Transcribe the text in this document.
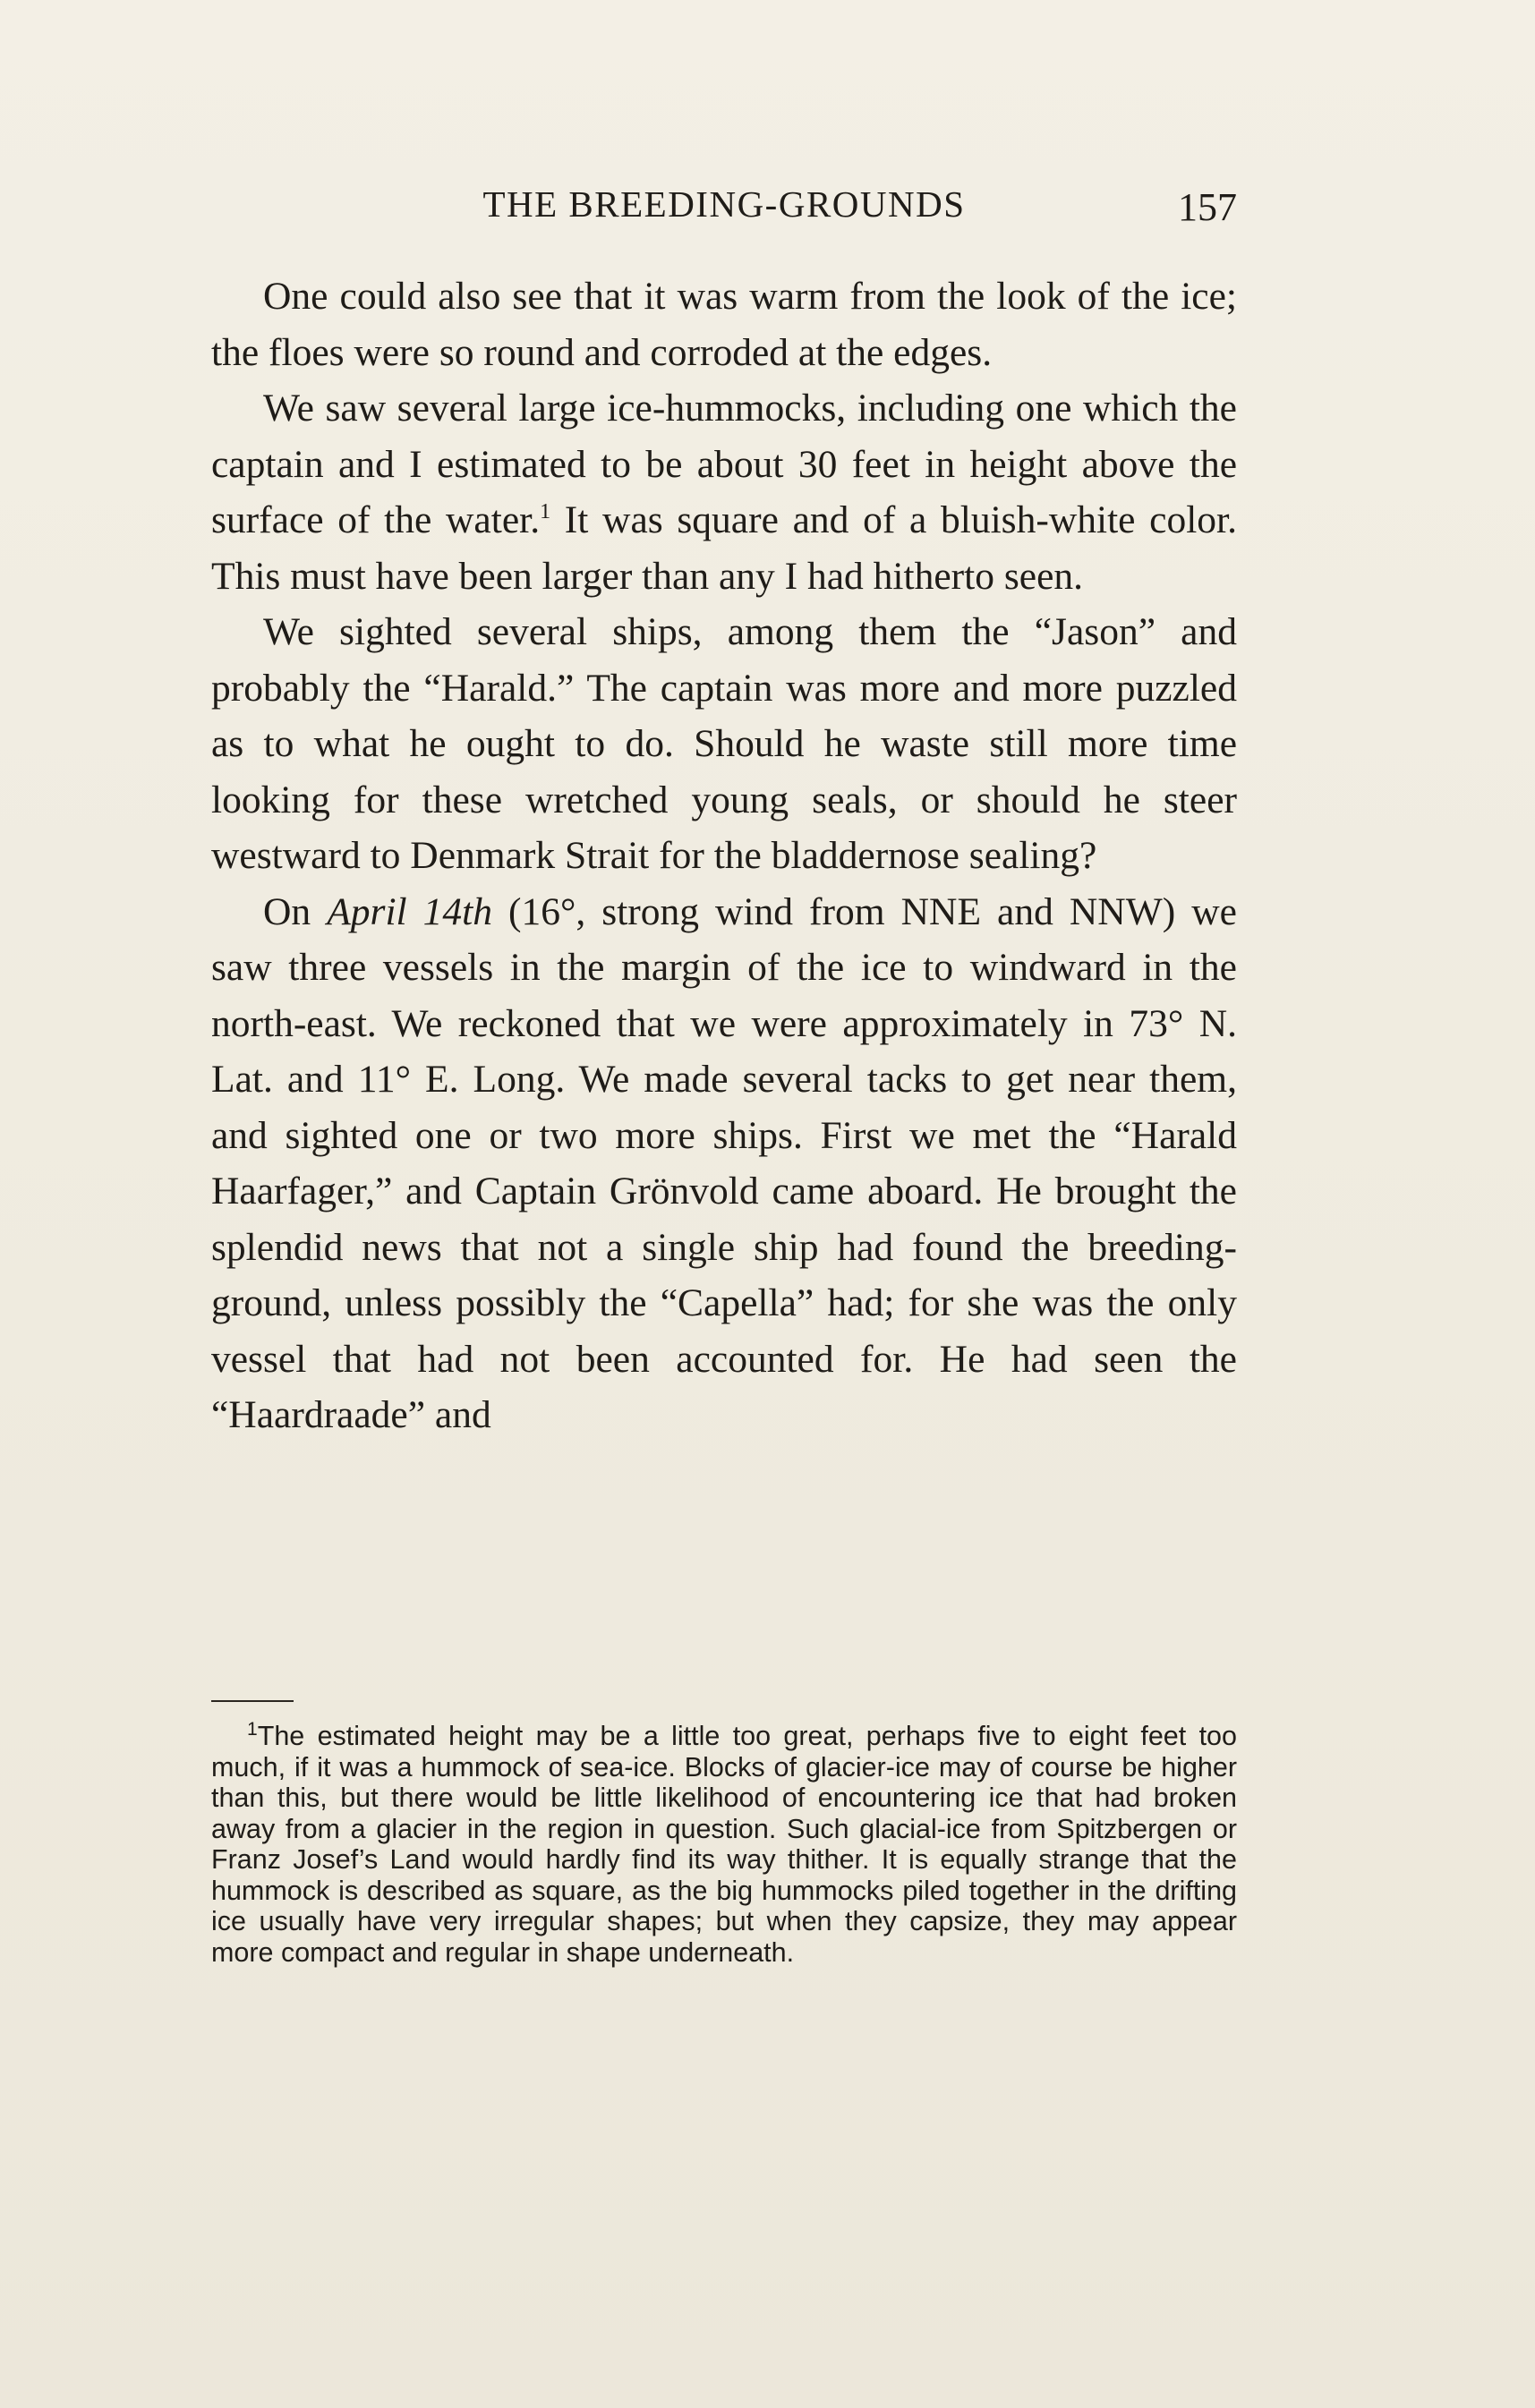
THE BREEDING-GROUNDS	157

One could also see that it was warm from the look of the ice; the floes were so round and corroded at the edges.

We saw several large ice-hummocks, including one which the captain and I estimated to be about 30 feet in height above the surface of the water.$^1$ It was square and of a bluish-white color. This must have been larger than any I had hitherto seen.

We sighted several ships, among them the “Jason” and probably the “Harald.” The captain was more and more puzzled as to what he ought to do. Should he waste still more time looking for these wretched young seals, or should he steer westward to Denmark Strait for the bladdernose sealing?

On April 14th (16°, strong wind from NNE and NNW) we saw three vessels in the margin of the ice to windward in the north-east. We reckoned that we were approximately in 73° N. Lat. and 11° E. Long. We made several tacks to get near them, and sighted one or two more ships. First we met the “Harald Haarfager,” and Captain Grönvold came aboard. He brought the splendid news that not a single ship had found the breeding-ground, unless possibly the “Capella” had; for she was the only vessel that had not been accounted for. He had seen the “Haardraade” and

$^1$The estimated height may be a little too great, perhaps five to eight feet too much, if it was a hummock of sea-ice. Blocks of glacier-ice may of course be higher than this, but there would be little likelihood of encountering ice that had broken away from a glacier in the region in question. Such glacial-ice from Spitzbergen or Franz Josef’s Land would hardly find its way thither. It is equally strange that the hummock is described as square, as the big hummocks piled together in the drifting ice usually have very irregular shapes; but when they capsize, they may appear more compact and regular in shape underneath.
